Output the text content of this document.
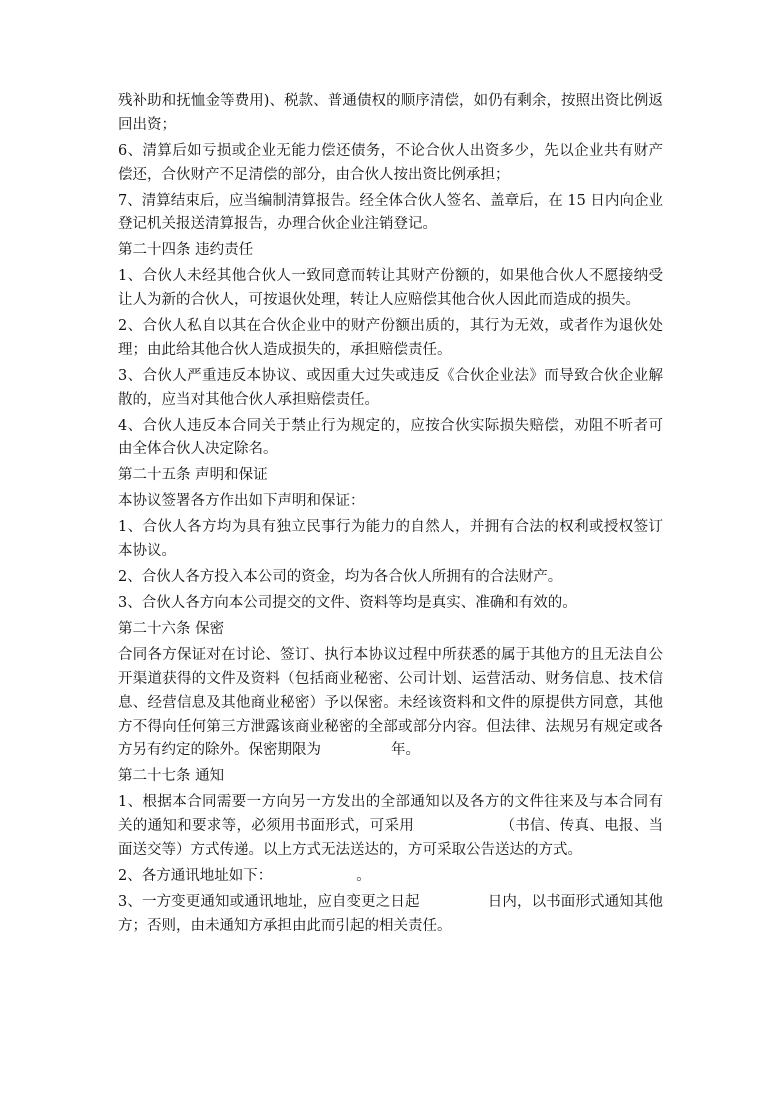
残补助和抚恤金等费用)、税款、普通债权的顺序清偿，如仍有剩余，按照出资比例返回出资；

6、清算后如亏损或企业无能力偿还债务，不论合伙人出资多少，先以企业共有财产偿还，合伙财产不足清偿的部分，由合伙人按出资比例承担；

7、清算结束后，应当编制清算报告。经全体合伙人签名、盖章后，在 15 日内向企业登记机关报送清算报告，办理合伙企业注销登记。

第二十四条 违约责任

1、合伙人未经其他合伙人一致同意而转让其财产份额的，如果他合伙人不愿接纳受让人为新的合伙人，可按退伙处理，转让人应赔偿其他合伙人因此而造成的损失。

2、合伙人私自以其在合伙企业中的财产份额出质的，其行为无效，或者作为退伙处理；由此给其他合伙人造成损失的，承担赔偿责任。

3、合伙人严重违反本协议、或因重大过失或违反《合伙企业法》而导致合伙企业解散的，应当对其他合伙人承担赔偿责任。

4、合伙人违反本合同关于禁止行为规定的，应按合伙实际损失赔偿，劝阻不听者可由全体合伙人决定除名。

第二十五条 声明和保证

本协议签署各方作出如下声明和保证：

1、合伙人各方均为具有独立民事行为能力的自然人，并拥有合法的权利或授权签订本协议。

2、合伙人各方投入本公司的资金，均为各合伙人所拥有的合法财产。

3、合伙人各方向本公司提交的文件、资料等均是真实、准确和有效的。

第二十六条 保密

合同各方保证对在讨论、签订、执行本协议过程中所获悉的属于其他方的且无法自公开渠道获得的文件及资料（包括商业秘密、公司计划、运营活动、财务信息、技术信息、经营信息及其他商业秘密）予以保密。未经该资料和文件的原提供方同意，其他方不得向任何第三方泄露该商业秘密的全部或部分内容。但法律、法规另有规定或各方另有约定的除外。保密期限为	年。

第二十七条 通知

1、根据本合同需要一方向另一方发出的全部通知以及各方的文件往来及与本合同有关的通知和要求等，必须用书面形式，可采用	（书信、传真、电报、当面送交等）方式传递。以上方式无法送达的，方可采取公告送达的方式。

2、各方通讯地址如下：	。

3、一方变更通知或通讯地址，应自变更之日起	日内，以书面形式通知其他方；否则，由未通知方承担由此而引起的相关责任。
